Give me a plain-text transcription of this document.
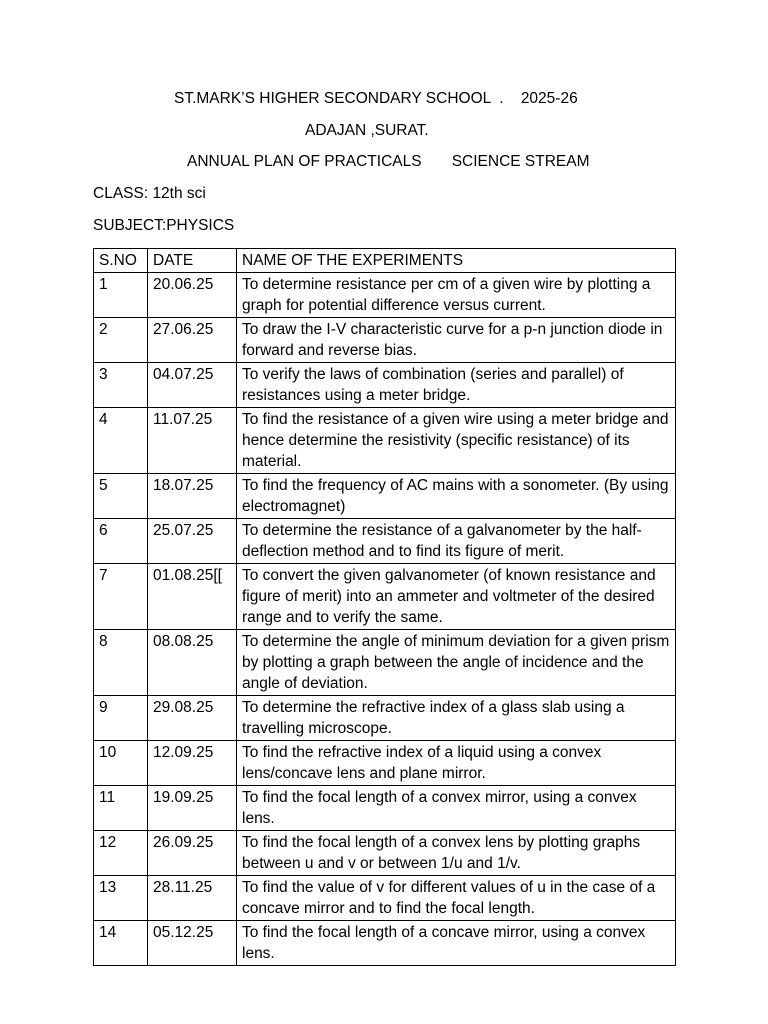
ST.MARK’S HIGHER SECONDARY SCHOOL  .    2025-26
ADAJAN ,SURAT.
ANNUAL PLAN OF PRACTICALS       SCIENCE STREAM
CLASS: 12th sci
SUBJECT:PHYSICS
S.NO	DATE	NAME OF THE EXPERIMENTS
1	20.06.25	To determine resistance per cm of a given wire by plotting a graph for potential difference versus current.
2	27.06.25	To draw the I-V characteristic curve for a p-n junction diode in forward and reverse bias.
3	04.07.25	To verify the laws of combination (series and parallel) of resistances using a meter bridge.
4	11.07.25	To find the resistance of a given wire using a meter bridge and hence determine the resistivity (specific resistance) of its material.
5	18.07.25	To find the frequency of AC mains with a sonometer. (By using electromagnet)
6	25.07.25	To determine the resistance of a galvanometer by the half-deflection method and to find its figure of merit.
7	01.08.25[[	To convert the given galvanometer (of known resistance and figure of merit) into an ammeter and voltmeter of the desired range and to verify the same.
8	08.08.25	To determine the angle of minimum deviation for a given prism by plotting a graph between the angle of incidence and the angle of deviation.
9	29.08.25	To determine the refractive index of a glass slab using a travelling microscope.
10	12.09.25	To find the refractive index of a liquid using a convex lens/concave lens and plane mirror.
11	19.09.25	To find the focal length of a convex mirror, using a convex lens.
12	26.09.25	To find the focal length of a convex lens by plotting graphs between u and v or between 1/u and 1/v.
13	28.11.25	To find the value of v for different values of u in the case of a concave mirror and to find the focal length.
14	05.12.25	To find the focal length of a concave mirror, using a convex lens.
